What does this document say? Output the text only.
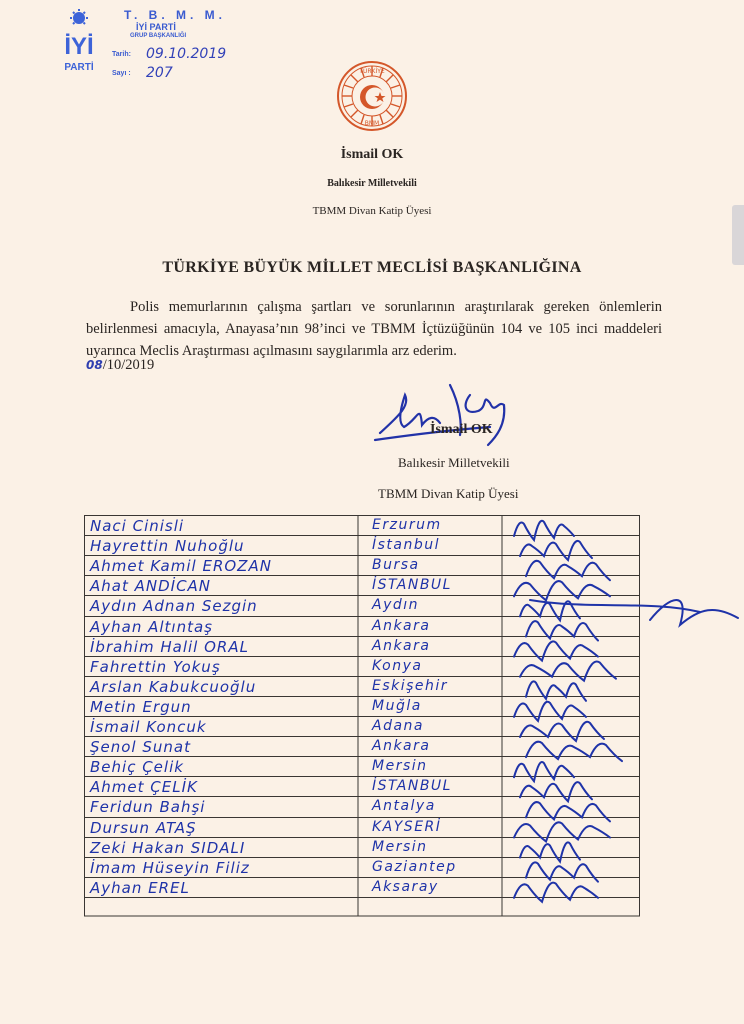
İYİ
PARTİ
T. B. M. M.
İYİ PARTİ
GRUP BAŞKANLIĞI
Tarih: 09.10.2019
Sayı : 207	TÜRKİYE
BMM
İsmail OK
Balıkesir Milletvekili
TBMM Divan Katip Üyesi
TÜRKİYE BÜYÜK MİLLET MECLİSİ BAŞKANLIĞINA
Polis memurlarının çalışma şartları ve sorunlarının araştırılarak gereken önlemlerin belirlenmesi amacıyla, Anayasa’nın 98’inci ve TBMM İçtüzüğünün 104 ve 105 inci maddeleri uyarınca Meclis Araştırması açılmasını saygılarımla arz ederim.
08/10/2019
İsmail OK
Balıkesir Milletvekili
TBMM Divan Katip Üyesi
Naci Cinisli	Erzurum
Hayrettin Nuhoğlu	İstanbul
Ahmet Kamil EROZAN	Bursa
Ahat ANDİCAN	İSTANBUL
Aydın Adnan Sezgin	Aydın
Ayhan Altıntaş	Ankara
İbrahim Halil ORAL	Ankara
Fahrettin Yokuş	Konya
Arslan Kabukcuoğlu	Eskişehir
Metin Ergun	Muğla
İsmail Koncuk	Adana
Şenol Sunat	Ankara
Behiç Çelik	Mersin
Ahmet ÇELİK	İSTANBUL
Feridun Bahşi	Antalya
Dursun ATAŞ	KAYSERİ
Zeki Hakan SIDALI	Mersin
İmam Hüseyin Filiz	Gaziantep
Ayhan EREL	Aksaray
